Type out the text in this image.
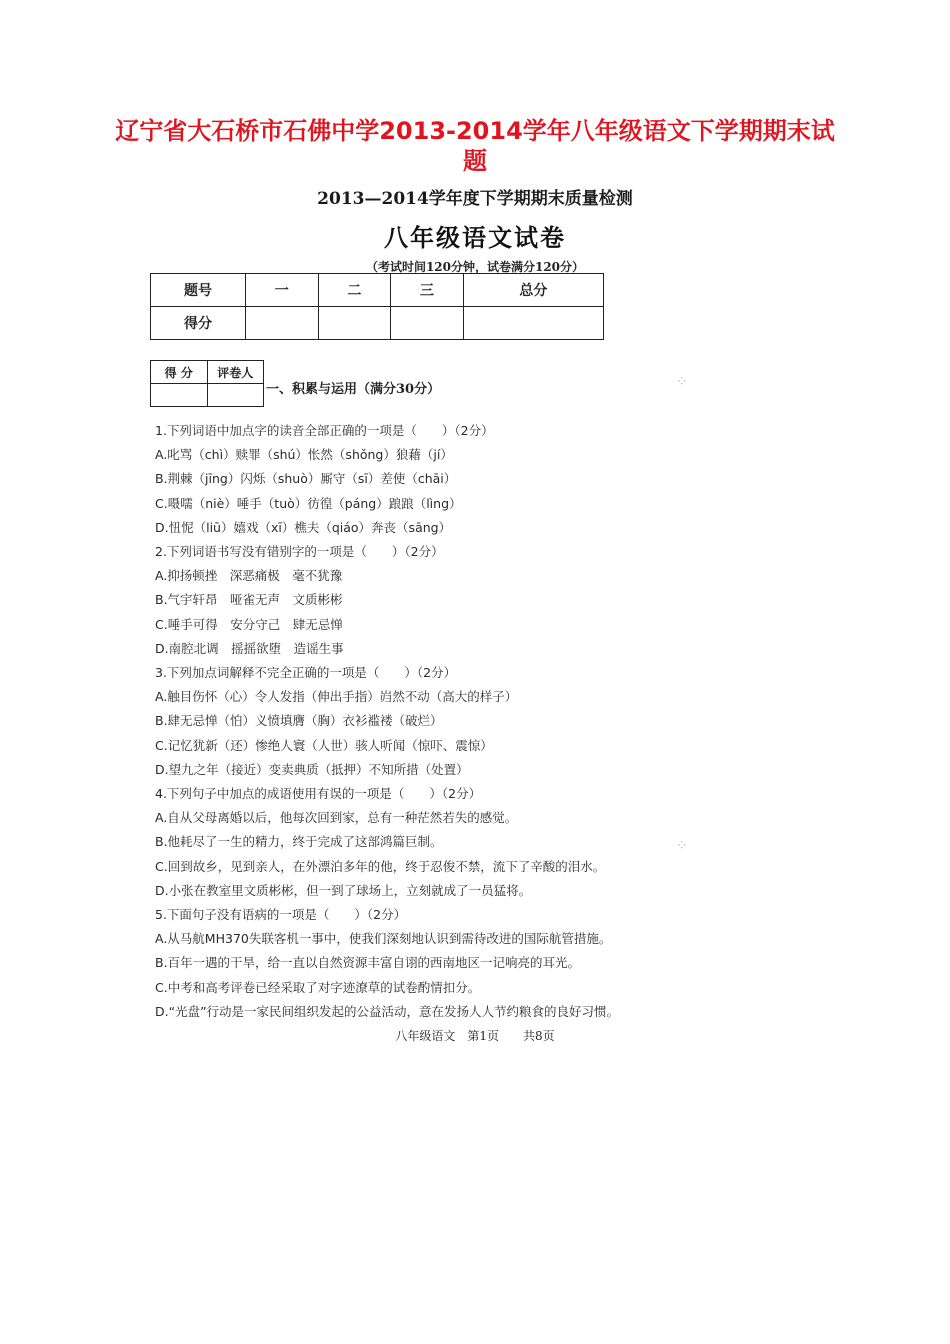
辽宁省大石桥市石佛中学2013-2014学年八年级语文下学期期末试
题
2013—2014学年度下学期期末质量检测
八年级语文试卷
（考试时间120分钟，试卷满分120分）
题号	一	二	三	总分
得分				
得 分	评卷人

一、积累与运用（满分30分）
1.下列词语中加点字的读音全部正确的一项是（　　）（2分）
A.叱骂（chì）赎罪（shú）怅然（shǒng）狼藉（jí）
B.荆棘（jīng）闪烁（shuò）厮守（sī）差使（chāi）
C.嗫嚅（niè）唾手（tuò）彷徨（páng）踉踉（lìng）
D.忸怩（liū）嬉戏（xī）樵夫（qiáo）奔丧（sāng）
2.下列词语书写没有错别字的一项是（　　）（2分）
A.抑扬顿挫　深恶痛极　毫不犹豫
B.气宇轩昂　哑雀无声　文质彬彬
C.唾手可得　安分守己　肆无忌惮
D.南腔北调　摇摇欲堕　造谣生事
3.下列加点词解释不完全正确的一项是（　　）（2分）
A.触目伤怀（心）令人发指（伸出手指）岿然不动（高大的样子）
B.肆无忌惮（怕）义愤填膺（胸）衣衫褴褛（破烂）
C.记忆犹新（还）惨绝人寰（人世）骇人听闻（惊吓、震惊）
D.望九之年（接近）变卖典质（抵押）不知所措（处置）
4.下列句子中加点的成语使用有误的一项是（　　）（2分）
A.自从父母离婚以后，他每次回到家，总有一种茫然若失的感觉。
B.他耗尽了一生的精力，终于完成了这部鸿篇巨制。
C.回到故乡，见到亲人，在外漂泊多年的他，终于忍俊不禁，流下了辛酸的泪水。
D.小张在教室里文质彬彬，但一到了球场上，立刻就成了一员猛将。
5.下面句子没有语病的一项是（　　）（2分）
A.从马航MH370失联客机一事中，使我们深刻地认识到需待改进的国际航管措施。
B.百年一遇的干旱，给一直以自然资源丰富自诩的西南地区一记响亮的耳光。
C.中考和高考评卷已经采取了对字迹潦草的试卷酌情扣分。
D.“光盘”行动是一家民间组织发起的公益活动，意在发扬人人节约粮食的良好习惯。
八年级语文　第1页　　共8页
⁘
⁘
